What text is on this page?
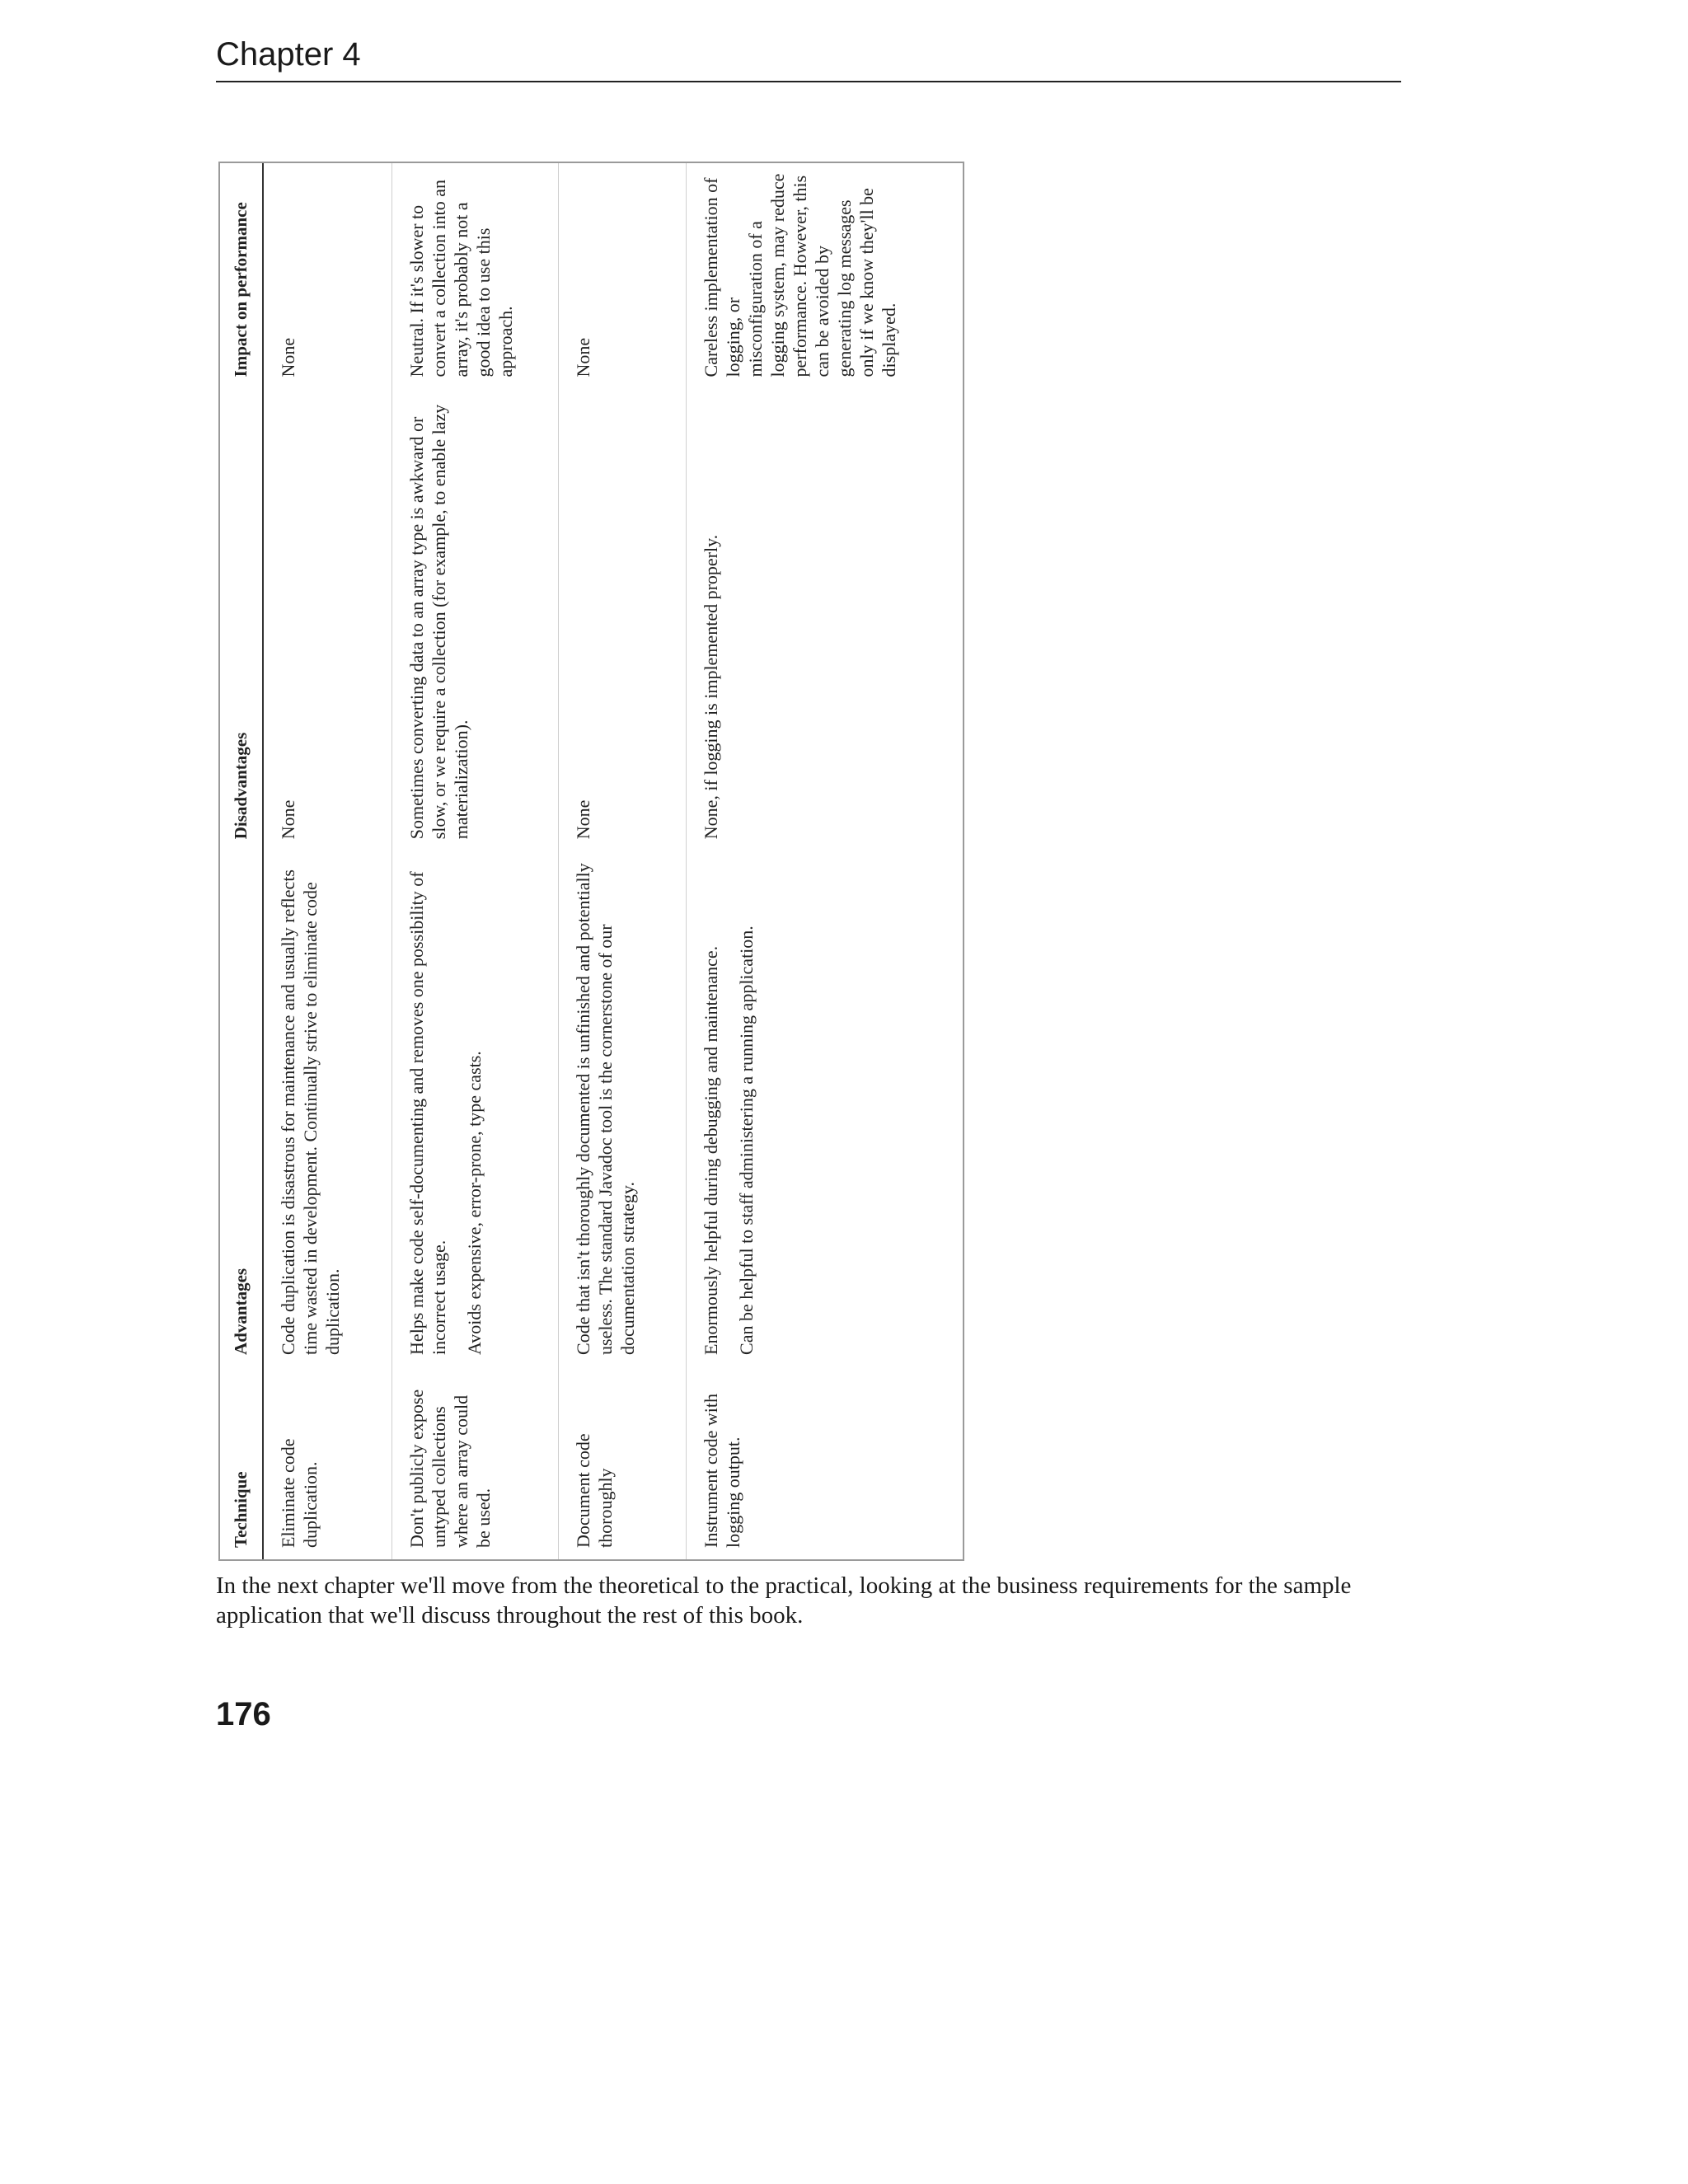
Chapter 4
Technique	Advantages	Disadvantages	Impact on performance
Eliminate code duplication.	Code duplication is disastrous for maintenance and usually reflects time wasted in development. Continually strive to eliminate code duplication.	None	None
Don't publicly expose untyped collections where an array could be used.	Helps make code self-documenting and removes one possibility of incorrect usage. Avoids expensive, error-prone, type casts.	Sometimes converting data to an array type is awkward or slow, or we require a collection (for example, to enable lazy materialization).	Neutral. If it's slower to convert a collection into an array, it's probably not a good idea to use this approach.
Document code thoroughly	Code that isn't thoroughly documented is unfinished and potentially useless. The standard Javadoc tool is the cornerstone of our documentation strategy.	None	None
Instrument code with logging output.	Enormously helpful during debugging and maintenance. Can be helpful to staff administering a running application.	None, if logging is implemented properly.	Careless implementation of logging, or misconfiguration of a logging system, may reduce performance. However, this can be avoided by generating log messages only if we know they'll be displayed.

In the next chapter we'll move from the theoretical to the practical, looking at the business requirements for the sample application that we'll discuss throughout the rest of this book.

176
